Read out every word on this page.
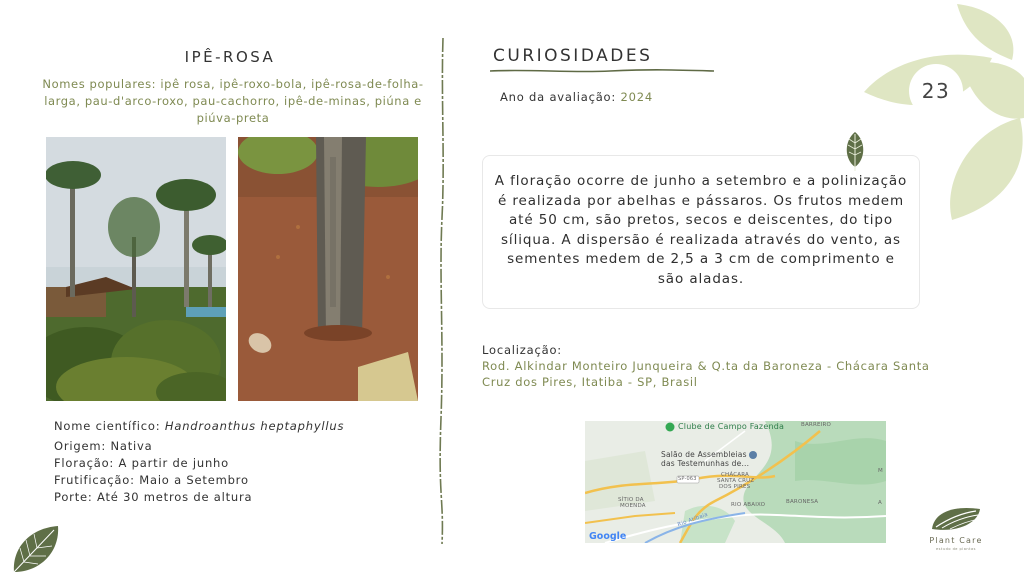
IPÊ-ROSA
Nomes populares: ipê rosa, ipê-roxo-bola, ipê-rosa-de-folha-larga, pau-d'arco-roxo, pau-cachorro, ipê-de-minas, piúna e piúva-preta
Nome científico: Handroanthus heptaphyllus
Origem: Nativa
Floração: A partir de junho
Frutificação: Maio a Setembro
Porte: Até 30 metros de altura
CURIOSIDADES
Ano da avaliação: 2024
A floração ocorre de junho a setembro e a polinização é realizada por abelhas e pássaros. Os frutos medem até 50 cm, são pretos, secos e deiscentes, do tipo síliqua. A dispersão é realizada através do vento, as sementes medem de 2,5 a 3 cm de comprimento e são aladas.
Localização:
Rod. Alkindar Monteiro Junqueira & Q.ta da Baroneza - Chácara Santa Cruz dos Pires, Itatiba - SP, Brasil
Clube de Campo Fazenda	BARREIRO
Salão de Assembleias
das Testemunhas de...
SP-063
CHÁCARA
SANTA CRUZ
DOS PIRES
SÍTIO DA
MOENDA	RIO ABAIXO	BARONESA
Rio Atibaia
M
A
Google
23
Plant Care
estudo de plantas
